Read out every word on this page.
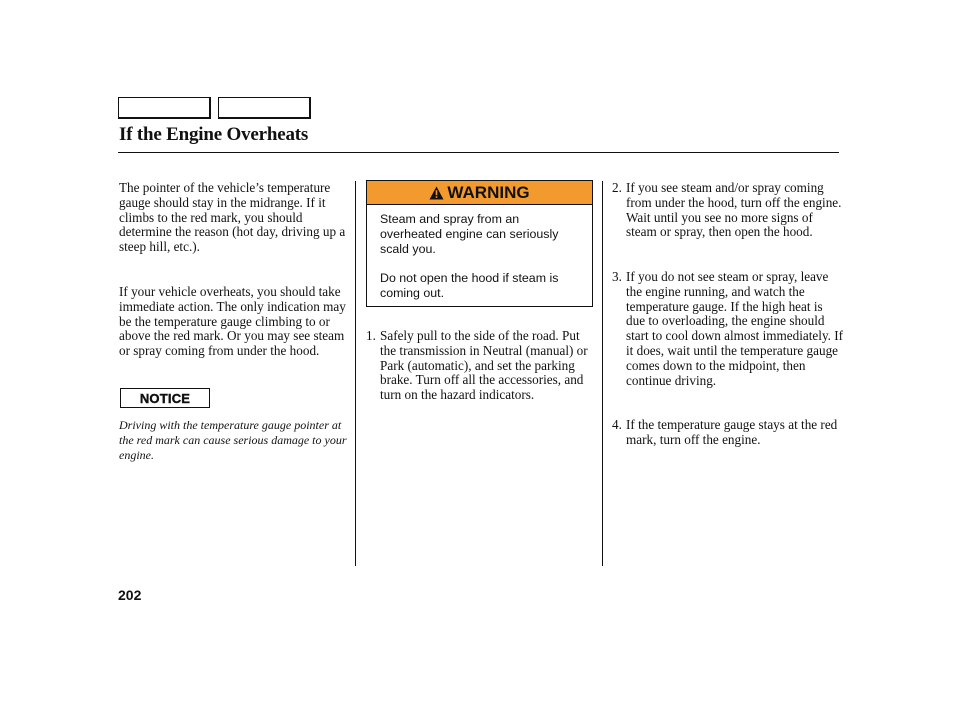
If the Engine Overheats

The pointer of the vehicle’s temperature gauge should stay in the midrange. If it climbs to the red mark, you should determine the reason (hot day, driving up a steep hill, etc.).

If your vehicle overheats, you should take immediate action. The only indication may be the temperature gauge climbing to or above the red mark. Or you may see steam or spray coming from under the hood.

NOTICE

Driving with the temperature gauge pointer at the red mark can cause serious damage to your engine.

WARNING

Steam and spray from an overheated engine can seriously scald you.

Do not open the hood if steam is coming out.

1. Safely pull to the side of the road. Put the transmission in Neutral (manual) or Park (automatic), and set the parking brake. Turn off all the accessories, and turn on the hazard indicators.
2. If you see steam and/or spray coming from under the hood, turn off the engine. Wait until you see no more signs of steam or spray, then open the hood.
3. If you do not see steam or spray, leave the engine running, and watch the temperature gauge. If the high heat is due to overloading, the engine should start to cool down almost immediately. If it does, wait until the temperature gauge comes down to the midpoint, then continue driving.
4. If the temperature gauge stays at the red mark, turn off the engine.
202
